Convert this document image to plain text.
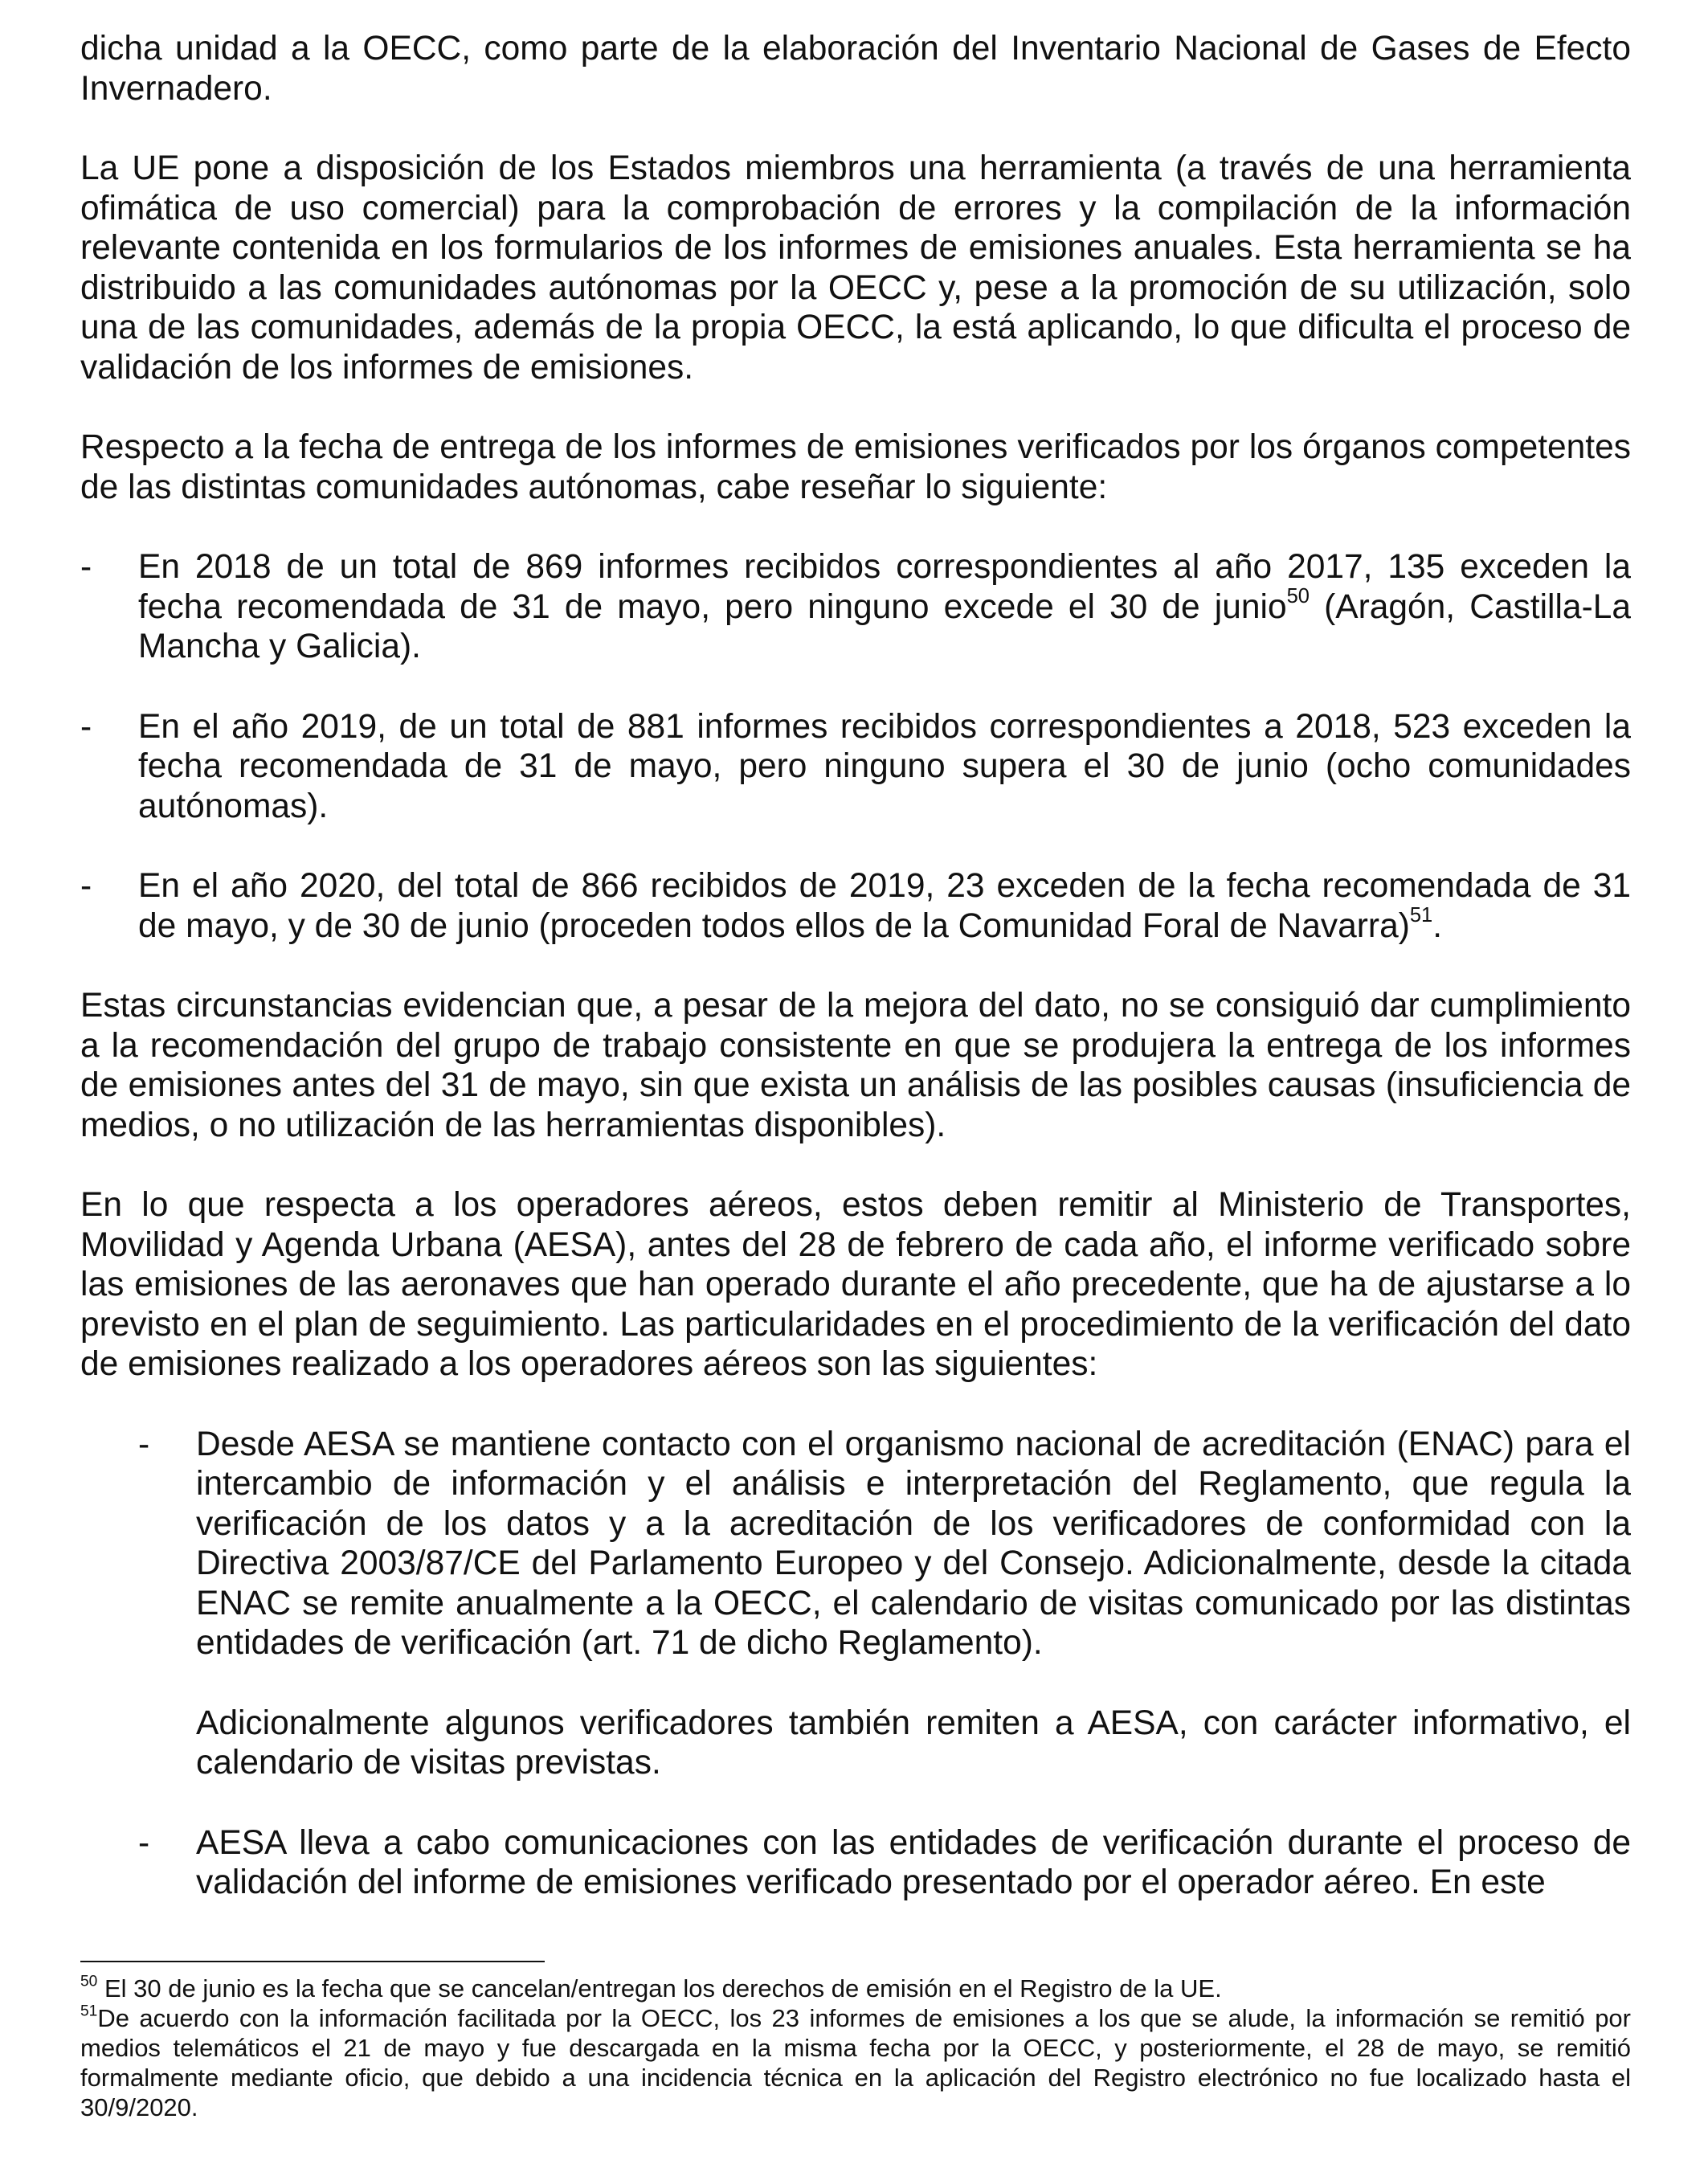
dicha unidad a la OECC, como parte de la elaboración del Inventario Nacional de Gases de Efecto Invernadero.

La UE pone a disposición de los Estados miembros una herramienta (a través de una herramienta ofimática de uso comercial) para la comprobación de errores y la compilación de la información relevante contenida en los formularios de los informes de emisiones anuales. Esta herramienta se ha distribuido a las comunidades autónomas por la OECC y, pese a la promoción de su utilización, solo una de las comunidades, además de la propia OECC, la está aplicando, lo que dificulta el proceso de validación de los informes de emisiones.

Respecto a la fecha de entrega de los informes de emisiones verificados por los órganos competentes de las distintas comunidades autónomas, cabe reseñar lo siguiente:

- En 2018 de un total de 869 informes recibidos correspondientes al año 2017, 135 exceden la fecha recomendada de 31 de mayo, pero ninguno excede el 30 de junio$^{50}$ (Aragón, Castilla-La Mancha y Galicia).
- En el año 2019, de un total de 881 informes recibidos correspondientes a 2018, 523 exceden la fecha recomendada de 31 de mayo, pero ninguno supera el 30 de junio (ocho comunidades autónomas).
- En el año 2020, del total de 866 recibidos de 2019, 23 exceden de la fecha recomendada de 31 de mayo, y de 30 de junio (proceden todos ellos de la Comunidad Foral de Navarra)$^{51}$.

Estas circunstancias evidencian que, a pesar de la mejora del dato, no se consiguió dar cumplimiento a la recomendación del grupo de trabajo consistente en que se produjera la entrega de los informes de emisiones antes del 31 de mayo, sin que exista un análisis de las posibles causas (insuficiencia de medios, o no utilización de las herramientas disponibles).

En lo que respecta a los operadores aéreos, estos deben remitir al Ministerio de Transportes, Movilidad y Agenda Urbana (AESA), antes del 28 de febrero de cada año, el informe verificado sobre las emisiones de las aeronaves que han operado durante el año precedente, que ha de ajustarse a lo previsto en el plan de seguimiento. Las particularidades en el procedimiento de la verificación del dato de emisiones realizado a los operadores aéreos son las siguientes:

- Desde AESA se mantiene contacto con el organismo nacional de acreditación (ENAC) para el intercambio de información y el análisis e interpretación del Reglamento, que regula la verificación de los datos y a la acreditación de los verificadores de conformidad con la Directiva 2003/87/CE del Parlamento Europeo y del Consejo. Adicionalmente, desde la citada ENAC se remite anualmente a la OECC, el calendario de visitas comunicado por las distintas entidades de verificación (art. 71 de dicho Reglamento).

Adicionalmente algunos verificadores también remiten a AESA, con carácter informativo, el calendario de visitas previstas.

- AESA lleva a cabo comunicaciones con las entidades de verificación durante el proceso de validación del informe de emisiones verificado presentado por el operador aéreo. En este

$^{50}$ El 30 de junio es la fecha que se cancelan/entregan los derechos de emisión en el Registro de la UE.

$^{51}$De acuerdo con la información facilitada por la OECC, los 23 informes de emisiones a los que se alude, la información se remitió por medios telemáticos el 21 de mayo y fue descargada en la misma fecha por la OECC, y posteriormente, el 28 de mayo, se remitió formalmente mediante oficio, que debido a una incidencia técnica en la aplicación del Registro electrónico no fue localizado hasta el 30/9/2020.
